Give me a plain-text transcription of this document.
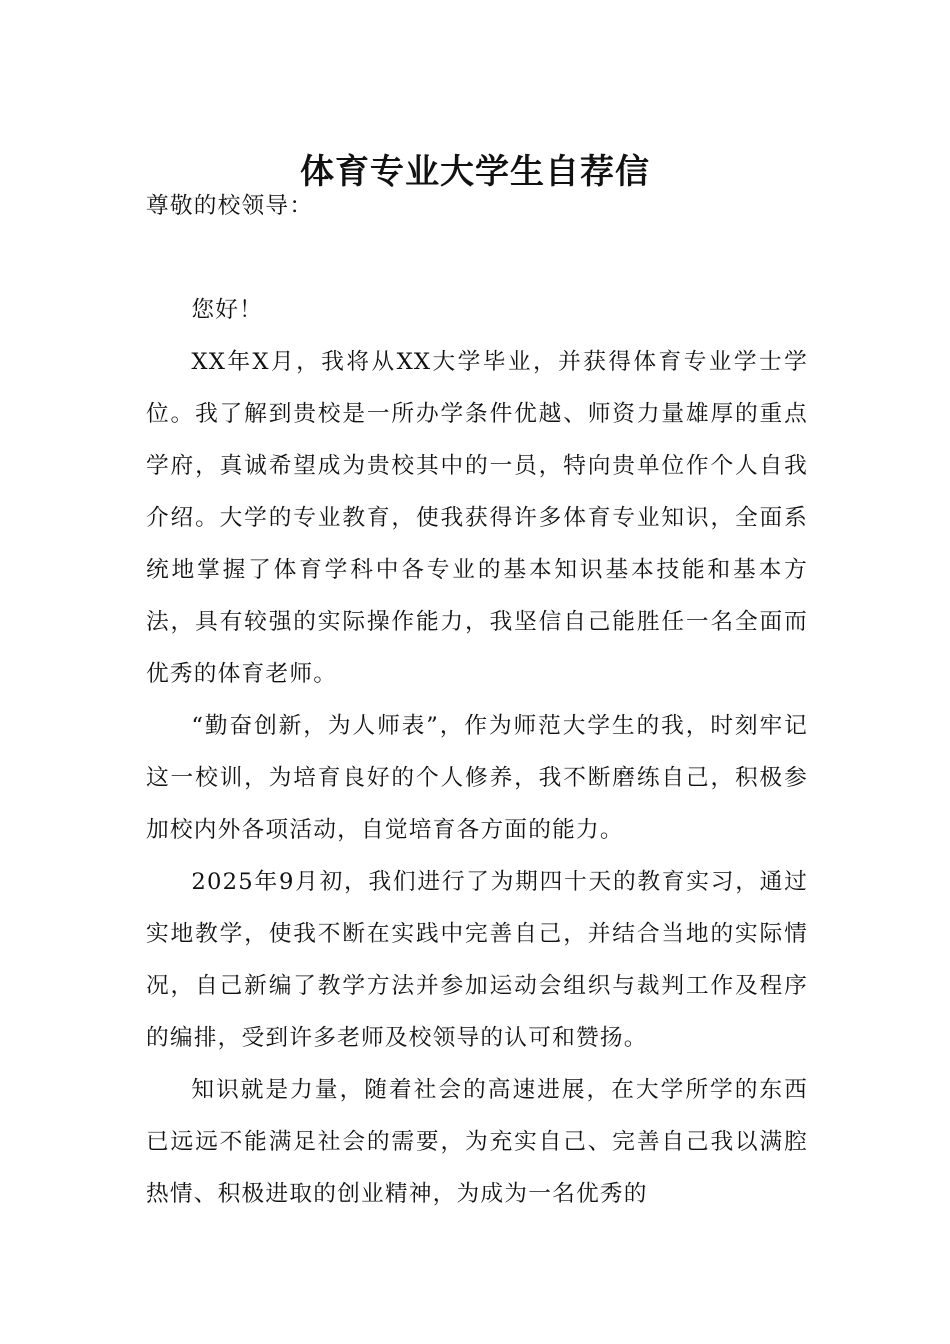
体育专业大学生自荐信

尊敬的校领导：

您好！

XX年X月，我将从XX大学毕业，并获得体育专业学士学位。我了解到贵校是一所办学条件优越、师资力量雄厚的重点学府，真诚希望成为贵校其中的一员，特向贵单位作个人自我介绍。大学的专业教育，使我获得许多体育专业知识，全面系统地掌握了体育学科中各专业的基本知识基本技能和基本方法，具有较强的实际操作能力，我坚信自己能胜任一名全面而优秀的体育老师。

“勤奋创新，为人师表”，作为师范大学生的我，时刻牢记这一校训，为培育良好的个人修养，我不断磨练自己，积极参加校内外各项活动，自觉培育各方面的能力。

2025年9月初，我们进行了为期四十天的教育实习，通过实地教学，使我不断在实践中完善自己，并结合当地的实际情况，自己新编了教学方法并参加运动会组织与裁判工作及程序的编排，受到许多老师及校领导的认可和赞扬。

知识就是力量，随着社会的高速进展，在大学所学的东西已远远不能满足社会的需要，为充实自己、完善自己我以满腔热情、积极进取的创业精神，为成为一名优秀的
